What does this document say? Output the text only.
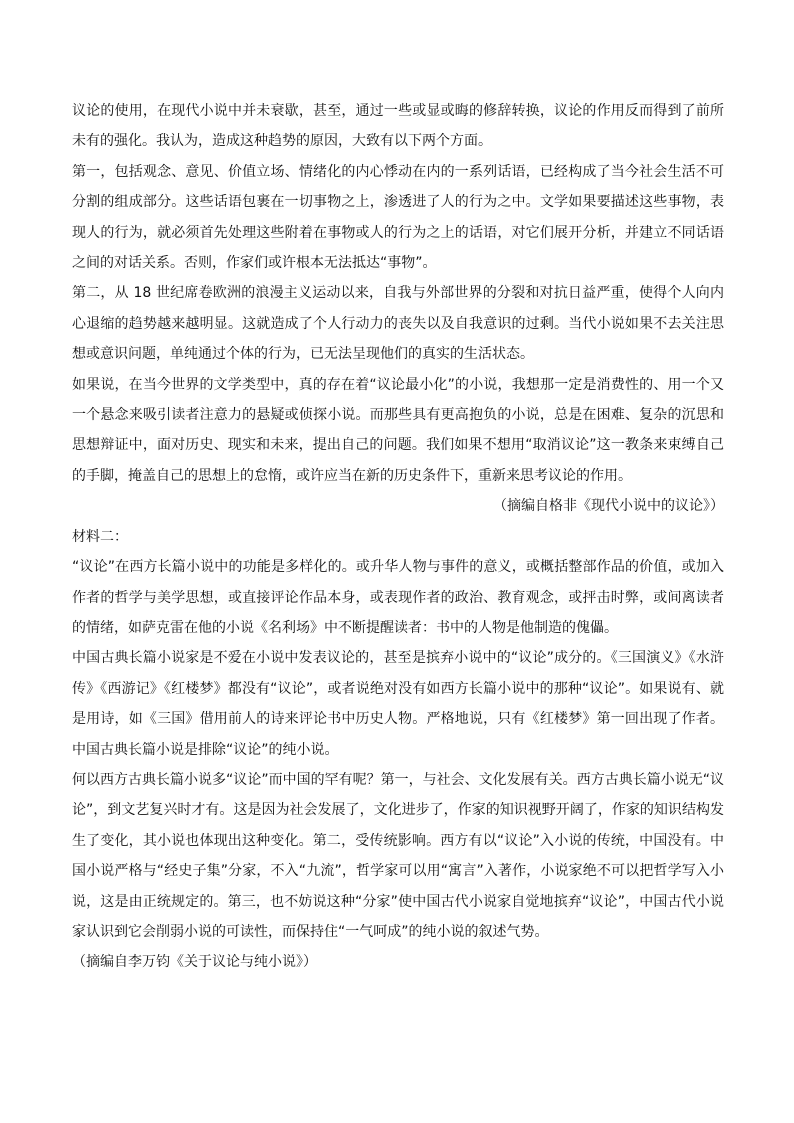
议论的使用，在现代小说中并未衰歇，甚至，通过一些或显或晦的修辞转换，议论的作用反而得到了前所未有的强化。我认为，造成这种趋势的原因，大致有以下两个方面。

第一，包括观念、意见、价值立场、情绪化的内心悸动在内的一系列话语，已经构成了当今社会生活不可分割的组成部分。这些话语包裹在一切事物之上，渗透进了人的行为之中。文学如果要描述这些事物，表现人的行为，就必须首先处理这些附着在事物或人的行为之上的话语，对它们展开分析，并建立不同话语之间的对话关系。否则，作家们或许根本无法抵达“事物”。

第二，从 18 世纪席卷欧洲的浪漫主义运动以来，自我与外部世界的分裂和对抗日益严重，使得个人向内心退缩的趋势越来越明显。这就造成了个人行动力的丧失以及自我意识的过剩。当代小说如果不去关注思想或意识问题，单纯通过个体的行为，已无法呈现他们的真实的生活状态。

如果说，在当今世界的文学类型中，真的存在着“议论最小化”的小说，我想那一定是消费性的、用一个又一个悬念来吸引读者注意力的悬疑或侦探小说。而那些具有更高抱负的小说，总是在困难、复杂的沉思和思想辩证中，面对历史、现实和未来，提出自己的问题。我们如果不想用“取消议论”这一教条来束缚自己的手脚，掩盖自己的思想上的怠惰，或许应当在新的历史条件下，重新来思考议论的作用。

（摘编自格非《现代小说中的议论》）

材料二：

“议论”在西方长篇小说中的功能是多样化的。或升华人物与事件的意义，或概括整部作品的价值，或加入作者的哲学与美学思想，或直接评论作品本身，或表现作者的政治、教育观念，或抨击时弊，或间离读者的情绪，如萨克雷在他的小说《名利场》中不断提醒读者：书中的人物是他制造的傀儡。

中国古典长篇小说家是不爱在小说中发表议论的，甚至是摈弃小说中的“议论”成分的。《三国演义》《水浒传》《西游记》《红楼梦》都没有“议论”，或者说绝对没有如西方长篇小说中的那种“议论”。如果说有、就是用诗，如《三国》借用前人的诗来评论书中历史人物。严格地说，只有《红楼梦》第一回出现了作者。中国古典长篇小说是排除“议论”的纯小说。

何以西方古典长篇小说多“议论”而中国的罕有呢？第一，与社会、文化发展有关。西方古典长篇小说无“议论”，到文艺复兴时才有。这是因为社会发展了，文化进步了，作家的知识视野开阔了，作家的知识结构发生了变化，其小说也体现出这种变化。第二，受传统影响。西方有以“议论”入小说的传统，中国没有。中国小说严格与“经史子集”分家，不入“九流”，哲学家可以用“寓言”入著作，小说家绝不可以把哲学写入小说，这是由正统规定的。第三，也不妨说这种“分家”使中国古代小说家自觉地摈弃“议论”，中国古代小说家认识到它会削弱小说的可读性，而保持住“一气呵成”的纯小说的叙述气势。

（摘编自李万钧《关于议论与纯小说》）
